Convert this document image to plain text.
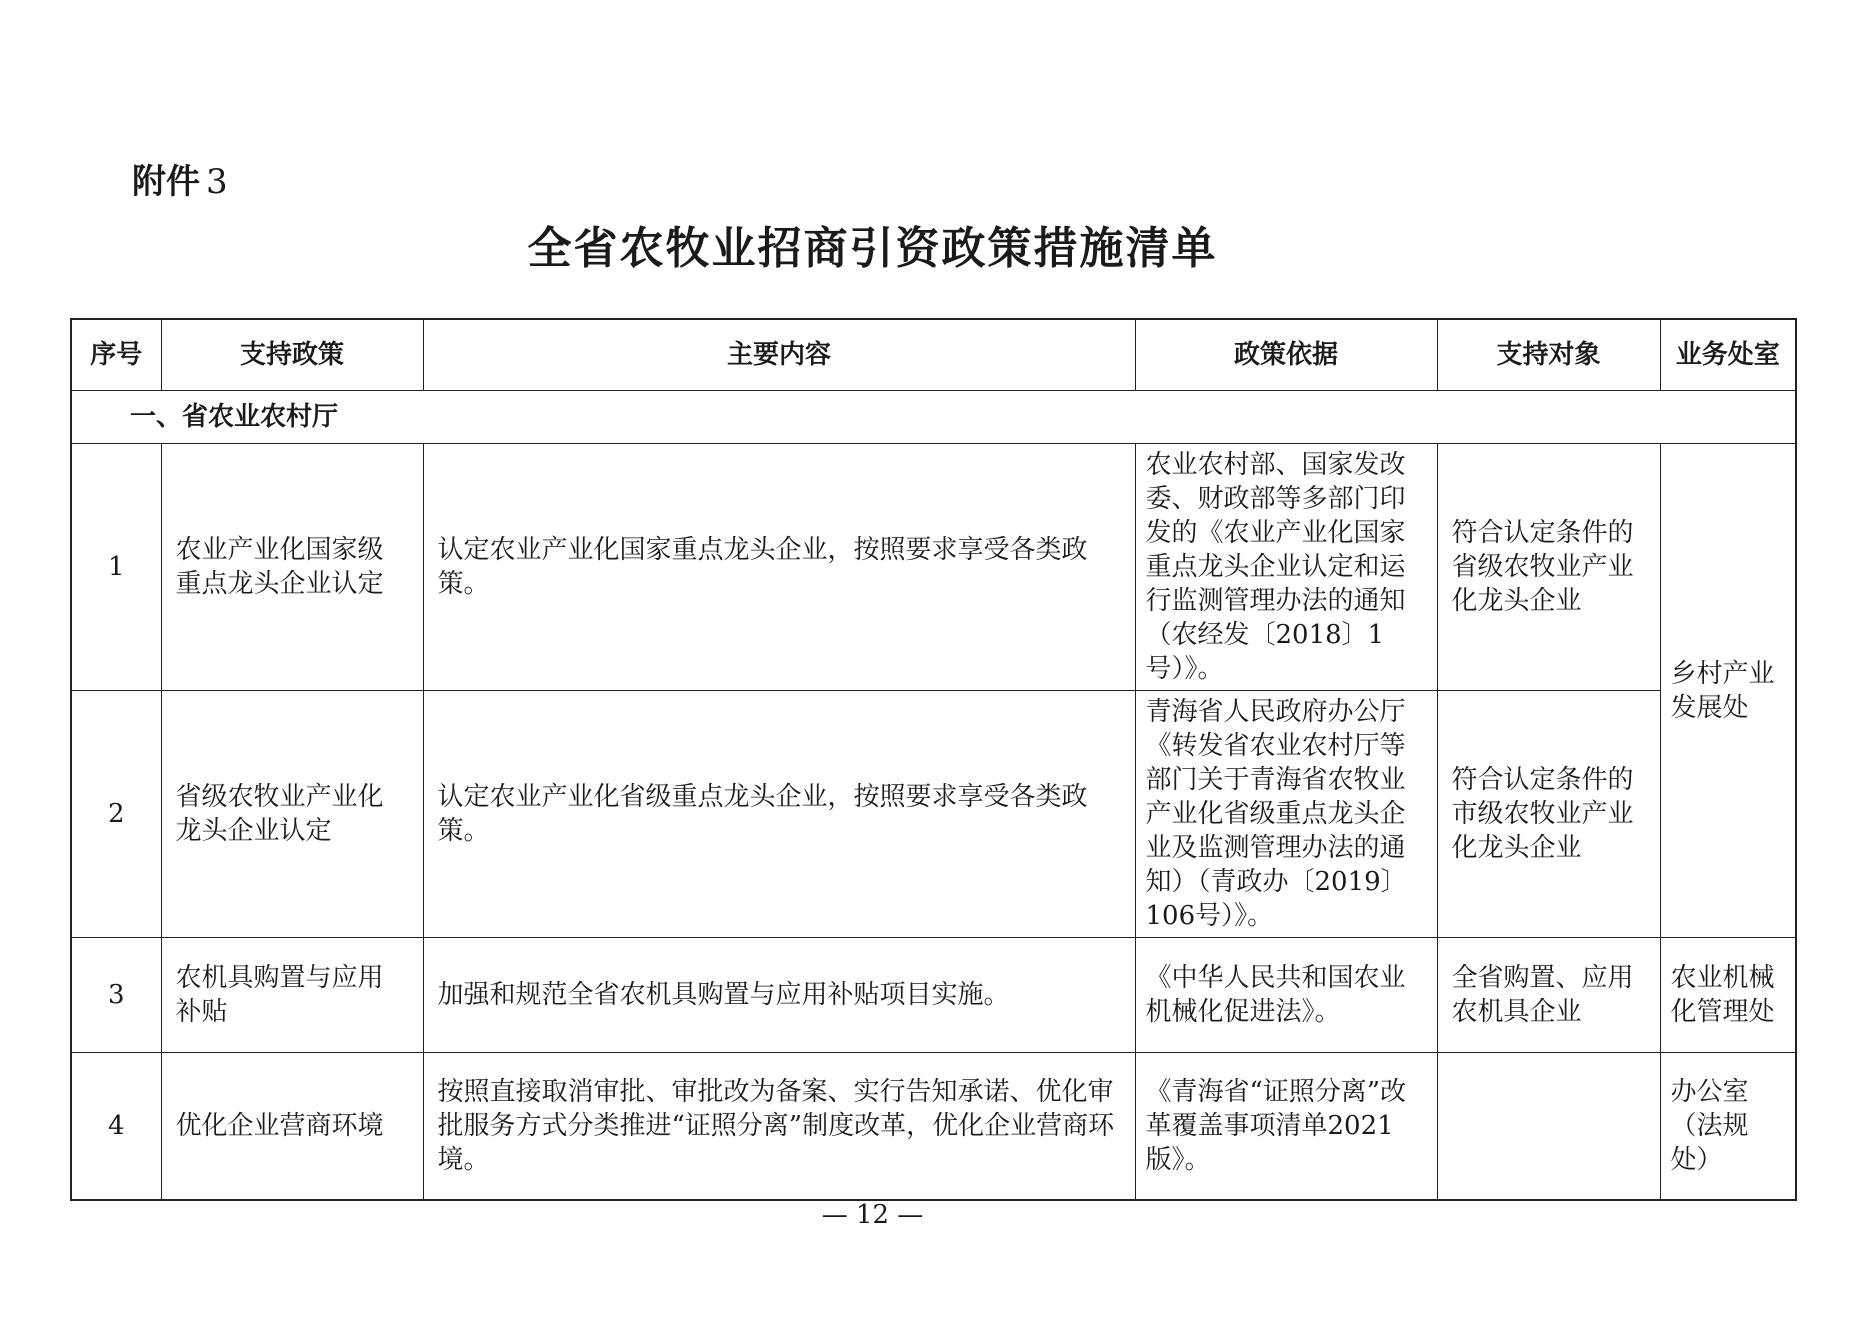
附件 3
全省农牧业招商引资政策措施清单
序号	支持政策	主要内容	政策依据	支持对象	业务处室
一、省农业农村厅					
1	农业产业化国家级重点龙头企业认定	认定农业产业化国家重点龙头企业，按照要求享受各类政策。	农业农村部、国家发改委、财政部等多部门印发的《农业产业化国家重点龙头企业认定和运行监测管理办法的通知（农经发〔2018〕1号）》。	符合认定条件的省级农牧业产业化龙头企业	乡村产业发展处
2	省级农牧业产业化龙头企业认定	认定农业产业化省级重点龙头企业，按照要求享受各类政策。	青海省人民政府办公厅《转发省农业农村厅等部门关于青海省农牧业产业化省级重点龙头企业及监测管理办法的通知）（青政办〔2019〕106号）》。	符合认定条件的市级农牧业产业化龙头企业	
3	农机具购置与应用补贴	加强和规范全省农机具购置与应用补贴项目实施。	《中华人民共和国农业机械化促进法》。	全省购置、应用农机具企业	农业机械化管理处
4	优化企业营商环境	按照直接取消审批、审批改为备案、实行告知承诺、优化审批服务方式分类推进“证照分离”制度改革，优化企业营商环境。	《青海省“证照分离”改革覆盖事项清单2021版》。		办公室（法规处）
— 12 —
